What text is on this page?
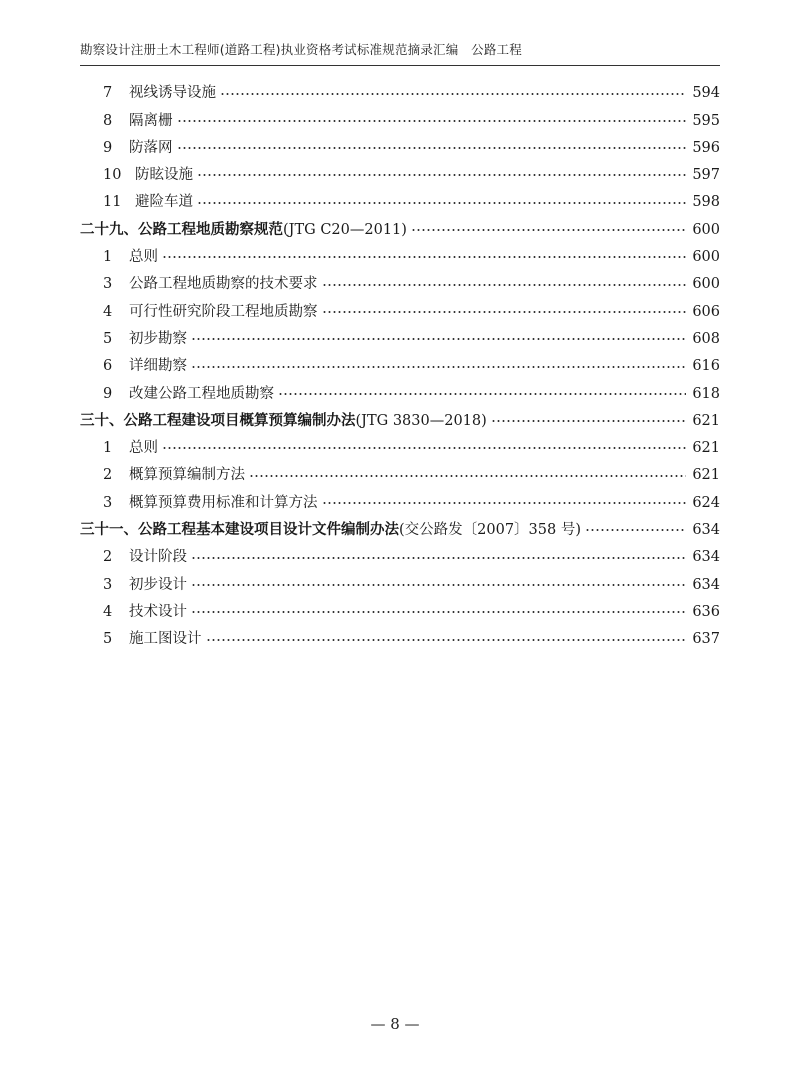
勘察设计注册土木工程师(道路工程)执业资格考试标准规范摘录汇编　公路工程
7	视线诱导设施	594
8	隔离栅	595
9	防落网	596
10 防眩设施	597
11 避险车道	598
二十九、公路工程地质勘察规范(JTG C20—2011)	600
1	总则	600
3	公路工程地质勘察的技术要求	600
4	可行性研究阶段工程地质勘察	606
5	初步勘察	608
6	详细勘察	616
9	改建公路工程地质勘察	618
三十、公路工程建设项目概算预算编制办法(JTG 3830—2018)	621
1	总则	621
2	概算预算编制方法	621
3	概算预算费用标准和计算方法	624
三十一、公路工程基本建设项目设计文件编制办法(交公路发〔2007〕358 号)	634
2	设计阶段	634
3	初步设计	634
4	技术设计	636
5	施工图设计	637
— 8 —
